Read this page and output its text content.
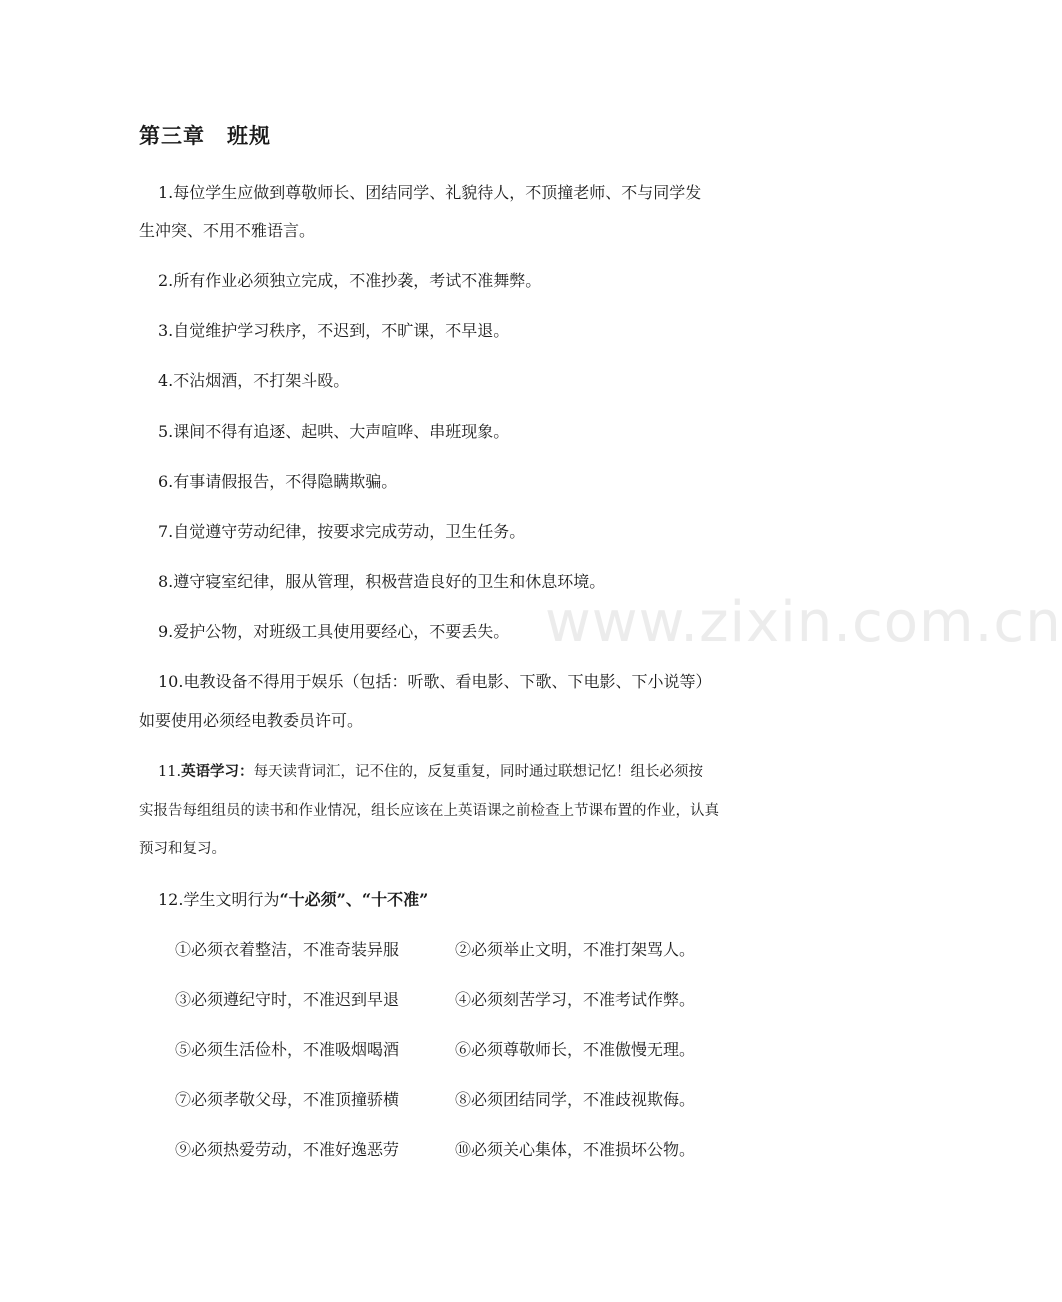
www.zixin.com.cn
第三章　班规
1.每位学生应做到尊敬师长、团结同学、礼貌待人，不顶撞老师、不与同学发
生冲突、不用不雅语言。
2.所有作业必须独立完成，不准抄袭，考试不准舞弊。
3.自觉维护学习秩序，不迟到，不旷课，不早退。
4.不沾烟酒，不打架斗殴。
5.课间不得有追逐、起哄、大声喧哗、串班现象。
6.有事请假报告，不得隐瞒欺骗。
7.自觉遵守劳动纪律，按要求完成劳动，卫生任务。
8.遵守寝室纪律，服从管理，积极营造良好的卫生和休息环境。
9.爱护公物，对班级工具使用要经心，不要丢失。
10.电教设备不得用于娱乐（包括：听歌、看电影、下歌、下电影、下小说等）
如要使用必须经电教委员许可。
11.英语学习：每天读背词汇，记不住的，反复重复，同时通过联想记忆！组长必须按
实报告每组组员的读书和作业情况，组长应该在上英语课之前检查上节课布置的作业，认真
预习和复习。
12.学生文明行为“十必须”、“十不准”
①必须衣着整洁，不准奇装异服	②必须举止文明，不准打架骂人。
③必须遵纪守时，不准迟到早退	④必须刻苦学习，不准考试作弊。
⑤必须生活俭朴，不准吸烟喝酒	⑥必须尊敬师长，不准傲慢无理。
⑦必须孝敬父母，不准顶撞骄横	⑧必须团结同学，不准歧视欺侮。
⑨必须热爱劳动，不准好逸恶劳	⑩必须关心集体，不准损坏公物。
